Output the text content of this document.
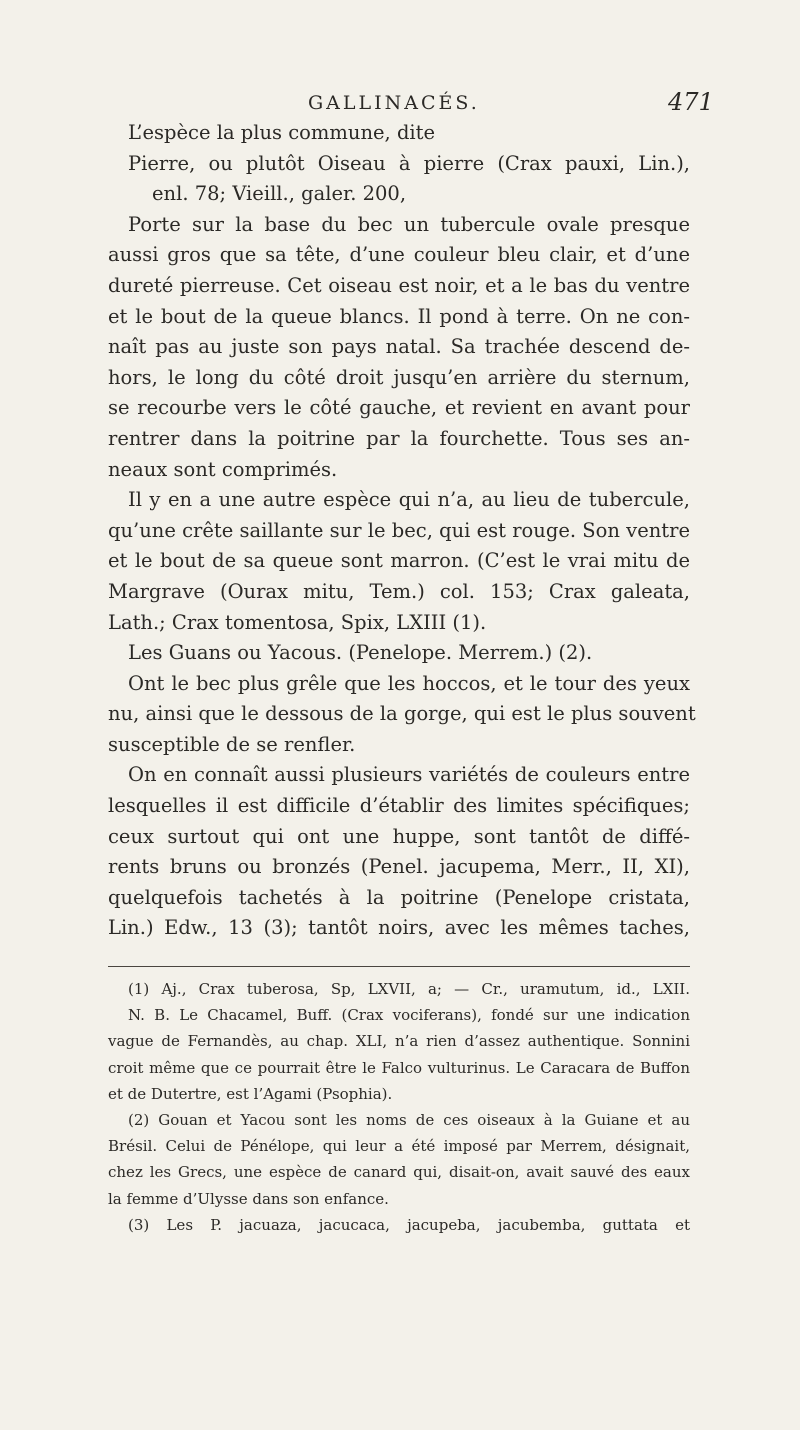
GALLINACÉS.	471
L’espèce la plus commune, dite
Pierre, ou plutôt Oiseau à pierre (Crax pauxi, Lin.),
enl. 78; Vieill., galer. 200,
Porte sur la base du bec un tubercule ovale presque
aussi gros que sa tête, d’une couleur bleu clair, et d’une
dureté pierreuse. Cet oiseau est noir, et a le bas du ventre
et le bout de la queue blancs. Il pond à terre. On ne con-
naît pas au juste son pays natal. Sa trachée descend de-
hors, le long du côté droit jusqu’en arrière du sternum,
se recourbe vers le côté gauche, et revient en avant pour
rentrer dans la poitrine par la fourchette. Tous ses an-
neaux sont comprimés.
Il y en a une autre espèce qui n’a, au lieu de tubercule,
qu’une crête saillante sur le bec, qui est rouge. Son ventre
et le bout de sa queue sont marron. (C’est le vrai mitu de
Margrave (Ourax mitu, Tem.) col. 153; Crax galeata,
Lath.; Crax tomentosa, Spix, LXIII (1).
Les Guans ou Yacous. (Penelope. Merrem.) (2).
Ont le bec plus grêle que les hoccos, et le tour des yeux
nu, ainsi que le dessous de la gorge, qui est le plus souvent
susceptible de se renfler.
On en connaît aussi plusieurs variétés de couleurs entre
lesquelles il est difficile d’établir des limites spécifiques;
ceux surtout qui ont une huppe, sont tantôt de diffé-
rents bruns ou bronzés (Penel. jacupema, Merr., II, XI),
quelquefois tachetés à la poitrine (Penelope cristata,
Lin.) Edw., 13 (3); tantôt noirs, avec les mêmes taches,
(1) Aj., Crax tuberosa, Sp, LXVII, a; — Cr., uramutum, id., LXII.
N. B. Le Chacamel, Buff. (Crax vociferans), fondé sur une indication
vague de Fernandès, au chap. XLI, n’a rien d’assez authentique. Sonnini
croit même que ce pourrait être le Falco vulturinus. Le Caracara de Buffon
et de Dutertre, est l’Agami (Psophia).
(2) Gouan et Yacou sont les noms de ces oiseaux à la Guiane et au
Brésil. Celui de Pénélope, qui leur a été imposé par Merrem, désignait,
chez les Grecs, une espèce de canard qui, disait-on, avait sauvé des eaux
la femme d’Ulysse dans son enfance.
(3) Les P. jacuaza, jacucaca, jacupeba, jacubemba, guttata et
